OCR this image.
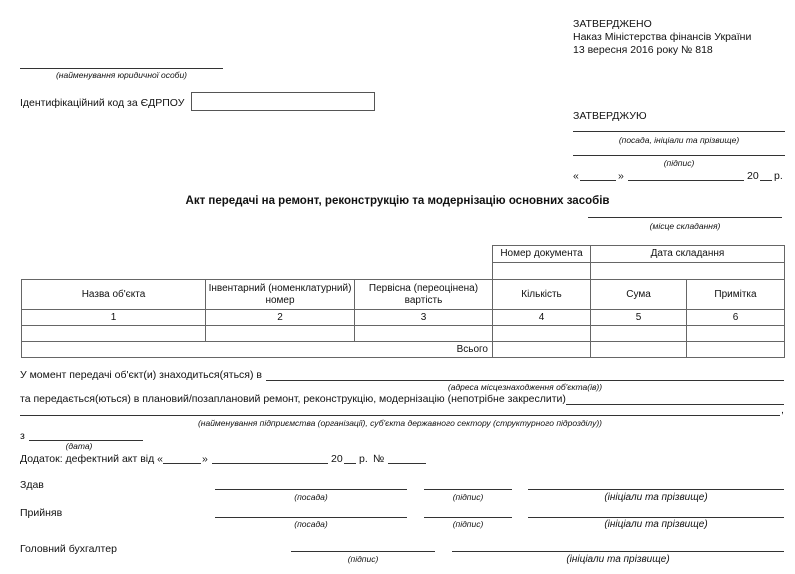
ЗАТВЕРДЖЕНО
Наказ Міністерства фінансів України
13 вересня 2016 року № 818
(найменування юридичної особи)
Ідентифікаційний код за ЄДРПОУ
ЗАТВЕРДЖУЮ
(посада, ініціали та прізвище)
(підпис)
«	»	20 р.
Акт передачі на ремонт, реконструкцію та модернізацію основних засобів
(місце складання)
Номер документа	Дата складання

Назва об'єкта	Інвентарний (номенклатурний) номер	Первісна (переоцінена) вартість	Кількість	Сума	Примітка
1	2	3	4	5	6

Всього					
У момент передачі об'єкт(и) знаходиться(яться) в
(адреса місцезнаходження об'єкта(ів))
та передається(ються) в плановий/позаплановий ремонт, реконструкцію, модернізацію (непотрібне закреслити)
,
(найменування підприємства (організації), суб'єкта державного сектору (структурного підрозділу))
з
(дата)
Додаток: дефектний акт від «	»	20 р. №
Здав
(посада)	(підпис)	(ініціали та прізвище)
Прийняв
(посада)	(підпис)	(ініціали та прізвище)
Головний бухгалтер
(підпис)	(ініціали та прізвище)
